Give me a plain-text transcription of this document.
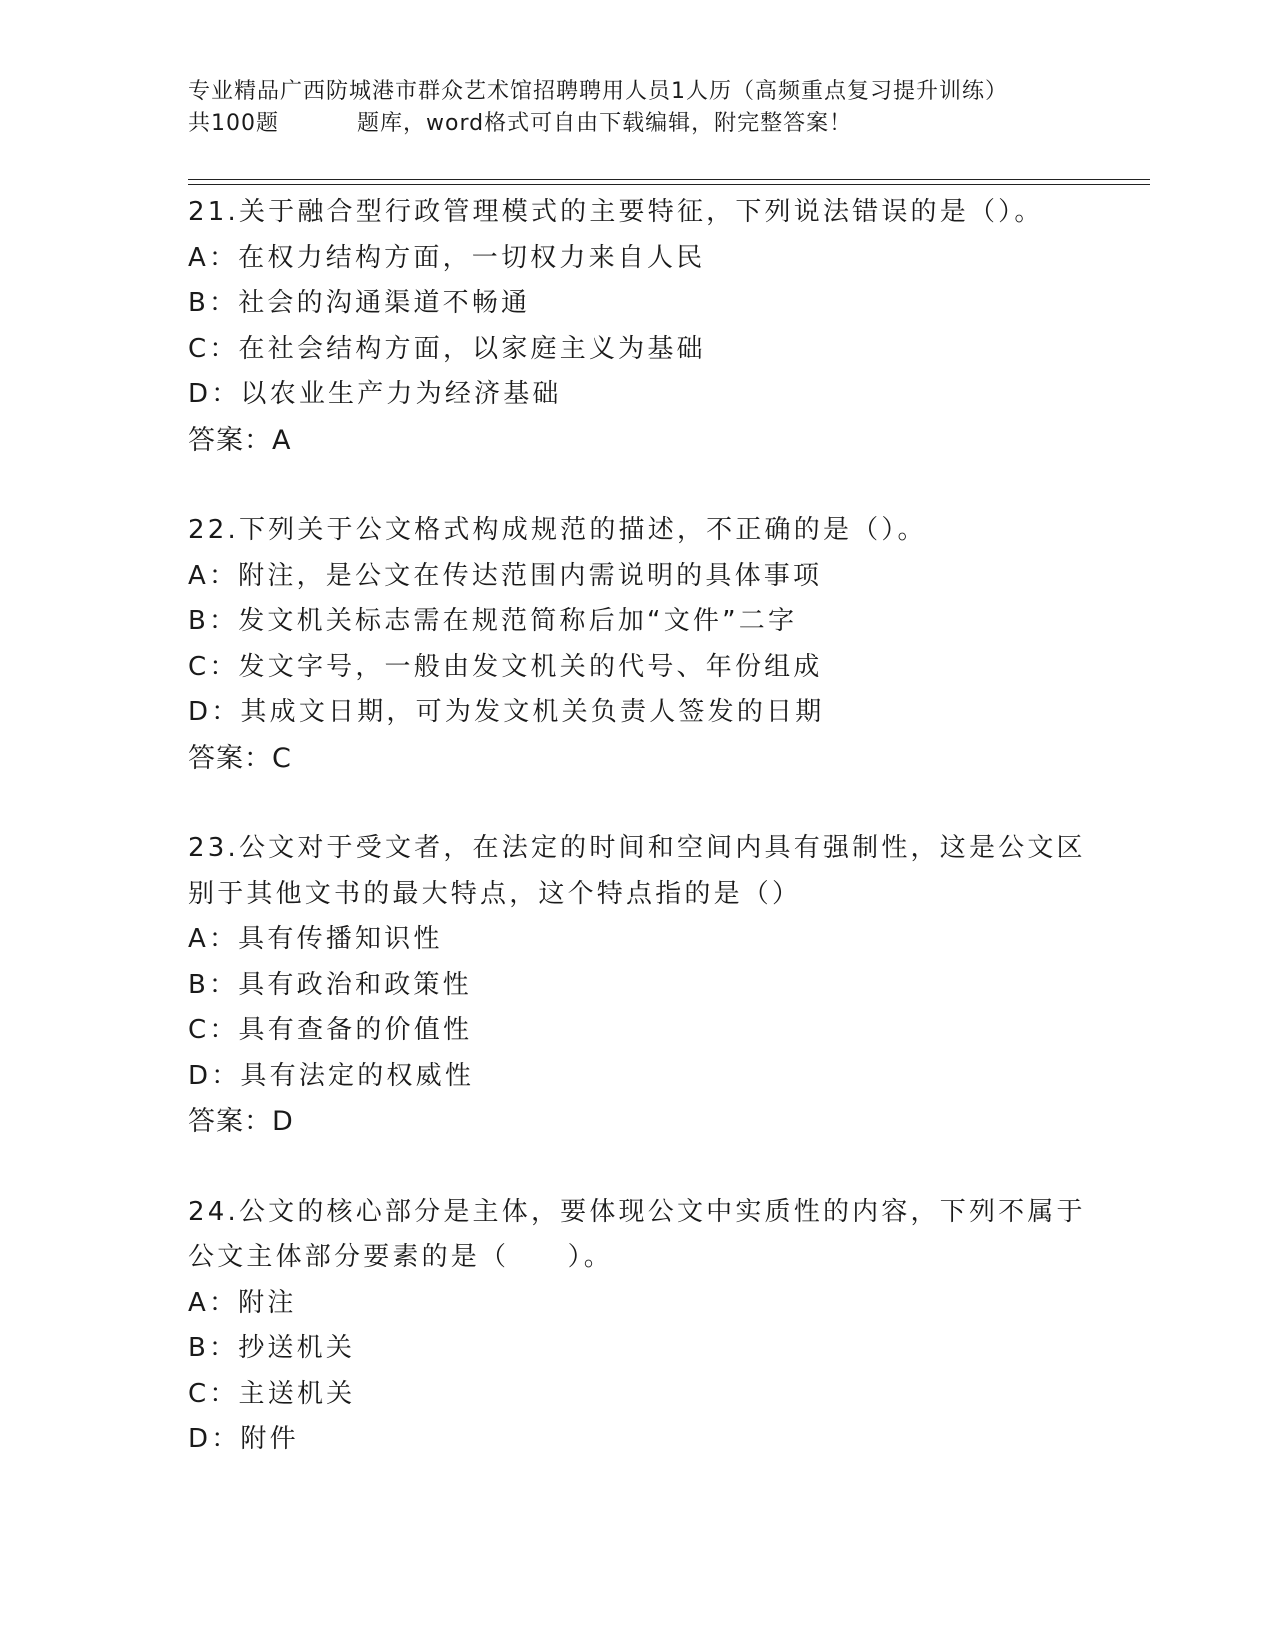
专业精品广西防城港市群众艺术馆招聘聘用人员1人历（高频重点复习提升训练）
共100题	题库，word格式可自由下载编辑，附完整答案！
21.关于融合型行政管理模式的主要特征，下列说法错误的是（）。
A：在权力结构方面，一切权力来自人民
B：社会的沟通渠道不畅通
C：在社会结构方面，以家庭主义为基础
D：以农业生产力为经济基础
答案：A
22.下列关于公文格式构成规范的描述，不正确的是（）。
A：附注，是公文在传达范围内需说明的具体事项
B：发文机关标志需在规范简称后加“文件”二字
C：发文字号，一般由发文机关的代号、年份组成
D：其成文日期，可为发文机关负责人签发的日期
答案：C
23.公文对于受文者，在法定的时间和空间内具有强制性，这是公文区
别于其他文书的最大特点，这个特点指的是（）
A：具有传播知识性
B：具有政治和政策性
C：具有查备的价值性
D：具有法定的权威性
答案：D
24.公文的核心部分是主体，要体现公文中实质性的内容，下列不属于
公文主体部分要素的是（　　）。
A：附注
B：抄送机关
C：主送机关
D：附件
